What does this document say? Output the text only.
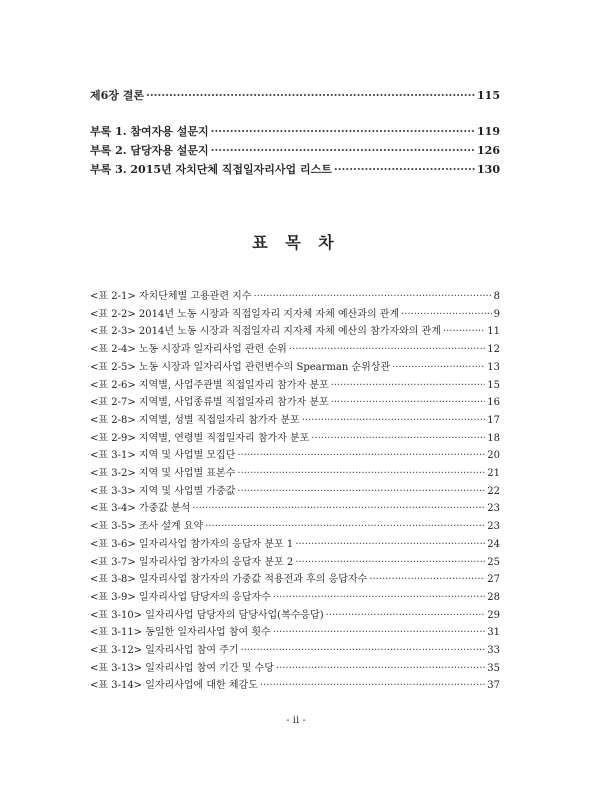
제6장 결론 ·····	115
부록 1. 참여자용 설문지 ·····	119
부록 2. 담당자용 설문지 ·····	126
부록 3. 2015년 자치단체 직접일자리사업 리스트 ·····	130
표 목 차
<표 2-1> 자치단체별 고용관련 지수 ·····	8
<표 2-2> 2014년 노동 시장과 직접일자리 지자체 자체 예산과의 관계 ·····	9
<표 2-3> 2014년 노동 시장과 직접일자리 지자체 자체 예산의 참가자와의 관계 ·····	11
<표 2-4> 노동 시장과 일자리사업 관련 순위 ·····	12
<표 2-5> 노동 시장과 일자리사업 관련변수의 Spearman 순위상관 ·····	13
<표 2-6> 지역별, 사업주관별 직접일자리 참가자 분포 ·····	15
<표 2-7> 지역별, 사업종류별 직접일자리 참가자 분포 ·····	16
<표 2-8> 지역별, 성별 직접일자리 참가자 분포 ·····	17
<표 2-9> 지역별, 연령별 직접일자리 참가자 분포 ·····	18
<표 3-1> 지역 및 사업별 모집단 ·····	20
<표 3-2> 지역 및 사업별 표본수 ·····	21
<표 3-3> 지역 및 사업별 가중값 ·····	22
<표 3-4> 가중값 분석 ·····	23
<표 3-5> 조사 설계 요약 ·····	23
<표 3-6> 일자리사업 참가자의 응답자 분포 1 ·····	24
<표 3-7> 일자리사업 참가자의 응답자 분포 2 ·····	25
<표 3-8> 일자리사업 참가자의 가중값 적용전과 후의 응답자수 ·····	27
<표 3-9> 일자리사업 담당자의 응답자수 ·····	28
<표 3-10> 일자리사업 담당자의 담당사업(복수응답) ·····	29
<표 3-11> 동일한 일자리사업 참여 횟수 ·····	31
<표 3-12> 일자리사업 참여 주기 ·····	33
<표 3-13> 일자리사업 참여 기간 및 수당 ·····	35
<표 3-14> 일자리사업에 대한 체감도 ·····	37
- ii -
